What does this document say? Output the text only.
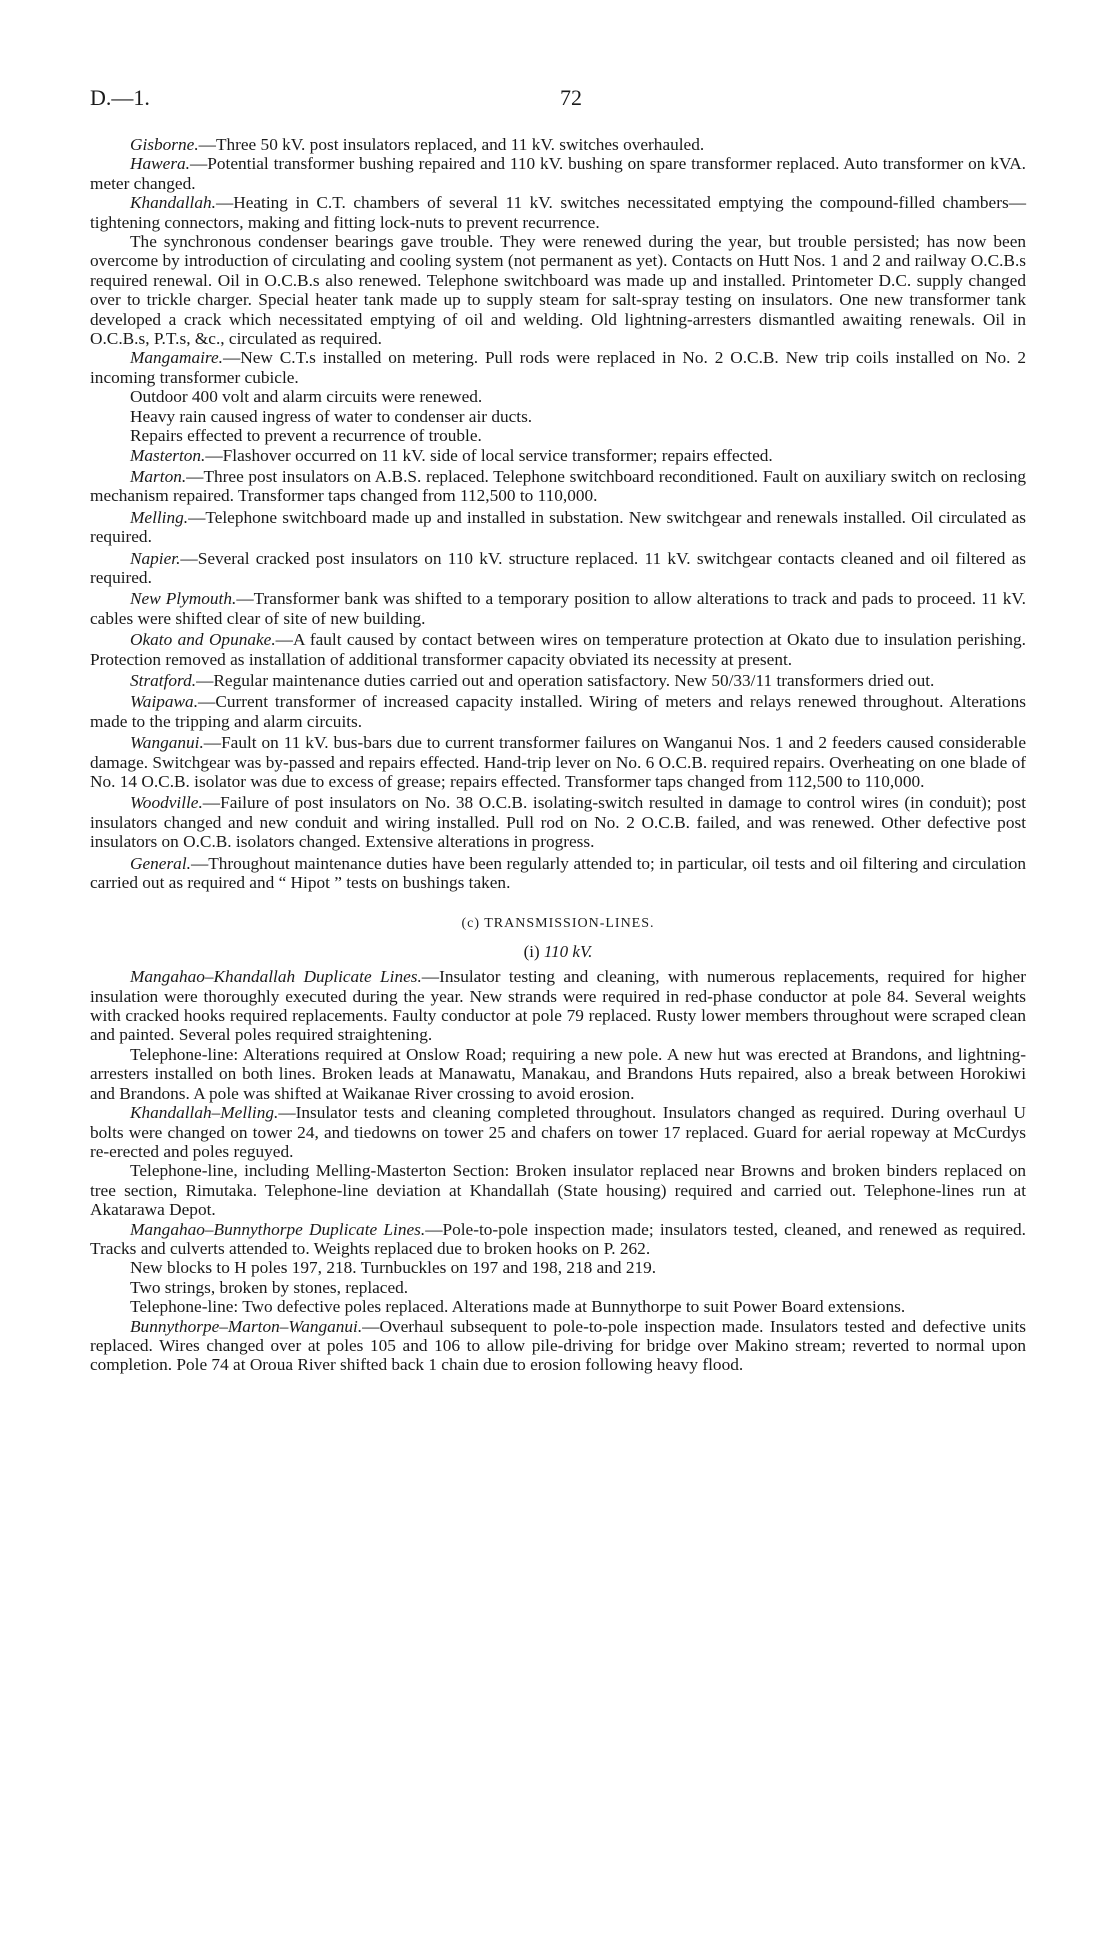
D.—1.	72

Gisborne.—Three 50 kV. post insulators replaced, and 11 kV. switches overhauled.

Hawera.—Potential transformer bushing repaired and 110 kV. bushing on spare transformer replaced. Auto transformer on kVA. meter changed.

Khandallah.—Heating in C.T. chambers of several 11 kV. switches necessitated emptying the compound-filled chambers—tightening connectors, making and fitting lock-nuts to prevent recurrence.

The synchronous condenser bearings gave trouble. They were renewed during the year, but trouble persisted; has now been overcome by introduction of circulating and cooling system (not permanent as yet). Contacts on Hutt Nos. 1 and 2 and railway O.C.B.s required renewal. Oil in O.C.B.s also renewed. Telephone switchboard was made up and installed. Printometer D.C. supply changed over to trickle charger. Special heater tank made up to supply steam for salt-spray testing on insulators. One new transformer tank developed a crack which necessitated emptying of oil and welding. Old lightning-arresters dismantled awaiting renewals. Oil in O.C.B.s, P.T.s, &c., circulated as required.

Mangamaire.—New C.T.s installed on metering. Pull rods were replaced in No. 2 O.C.B. New trip coils installed on No. 2 incoming transformer cubicle.

Outdoor 400 volt and alarm circuits were renewed.

Heavy rain caused ingress of water to condenser air ducts.

Repairs effected to prevent a recurrence of trouble.

Masterton.—Flashover occurred on 11 kV. side of local service transformer; repairs effected.

Marton.—Three post insulators on A.B.S. replaced. Telephone switchboard reconditioned. Fault on auxiliary switch on reclosing mechanism repaired. Transformer taps changed from 112,500 to 110,000.

Melling.—Telephone switchboard made up and installed in substation. New switchgear and renewals installed. Oil circulated as required.

Napier.—Several cracked post insulators on 110 kV. structure replaced. 11 kV. switchgear contacts cleaned and oil filtered as required.

New Plymouth.—Transformer bank was shifted to a temporary position to allow alterations to track and pads to proceed. 11 kV. cables were shifted clear of site of new building.

Okato and Opunake.—A fault caused by contact between wires on temperature protection at Okato due to insulation perishing. Protection removed as installation of additional transformer capacity obviated its necessity at present.

Stratford.—Regular maintenance duties carried out and operation satisfactory. New 50/33/11 transformers dried out.

Waipawa.—Current transformer of increased capacity installed. Wiring of meters and relays renewed throughout. Alterations made to the tripping and alarm circuits.

Wanganui.—Fault on 11 kV. bus-bars due to current transformer failures on Wanganui Nos. 1 and 2 feeders caused considerable damage. Switchgear was by-passed and repairs effected. Hand-trip lever on No. 6 O.C.B. required repairs. Overheating on one blade of No. 14 O.C.B. isolator was due to excess of grease; repairs effected. Transformer taps changed from 112,500 to 110,000.

Woodville.—Failure of post insulators on No. 38 O.C.B. isolating-switch resulted in damage to control wires (in conduit); post insulators changed and new conduit and wiring installed. Pull rod on No. 2 O.C.B. failed, and was renewed. Other defective post insulators on O.C.B. isolators changed. Extensive alterations in progress.

General.—Throughout maintenance duties have been regularly attended to; in particular, oil tests and oil filtering and circulation carried out as required and “ Hipot ” tests on bushings taken.

(c) TRANSMISSION-LINES.
(i) 110 kV.

Mangahao–Khandallah Duplicate Lines.—Insulator testing and cleaning, with numerous replacements, required for higher insulation were thoroughly executed during the year. New strands were required in red-phase conductor at pole 84. Several weights with cracked hooks required replacements. Faulty conductor at pole 79 replaced. Rusty lower members throughout were scraped clean and painted. Several poles required straightening.

Telephone-line: Alterations required at Onslow Road; requiring a new pole. A new hut was erected at Brandons, and lightning-arresters installed on both lines. Broken leads at Manawatu, Manakau, and Brandons Huts repaired, also a break between Horokiwi and Brandons. A pole was shifted at Waikanae River crossing to avoid erosion.

Khandallah–Melling.—Insulator tests and cleaning completed throughout. Insulators changed as required. During overhaul U bolts were changed on tower 24, and tiedowns on tower 25 and chafers on tower 17 replaced. Guard for aerial ropeway at McCurdys re-erected and poles reguyed.

Telephone-line, including Melling-Masterton Section: Broken insulator replaced near Browns and broken binders replaced on tree section, Rimutaka. Telephone-line deviation at Khandallah (State housing) required and carried out. Telephone-lines run at Akatarawa Depot.

Mangahao–Bunnythorpe Duplicate Lines.—Pole-to-pole inspection made; insulators tested, cleaned, and renewed as required. Tracks and culverts attended to. Weights replaced due to broken hooks on P. 262.

New blocks to H poles 197, 218. Turnbuckles on 197 and 198, 218 and 219.

Two strings, broken by stones, replaced.

Telephone-line: Two defective poles replaced. Alterations made at Bunnythorpe to suit Power Board extensions.

Bunnythorpe–Marton–Wanganui.—Overhaul subsequent to pole-to-pole inspection made. Insulators tested and defective units replaced. Wires changed over at poles 105 and 106 to allow pile-driving for bridge over Makino stream; reverted to normal upon completion. Pole 74 at Oroua River shifted back 1 chain due to erosion following heavy flood.
